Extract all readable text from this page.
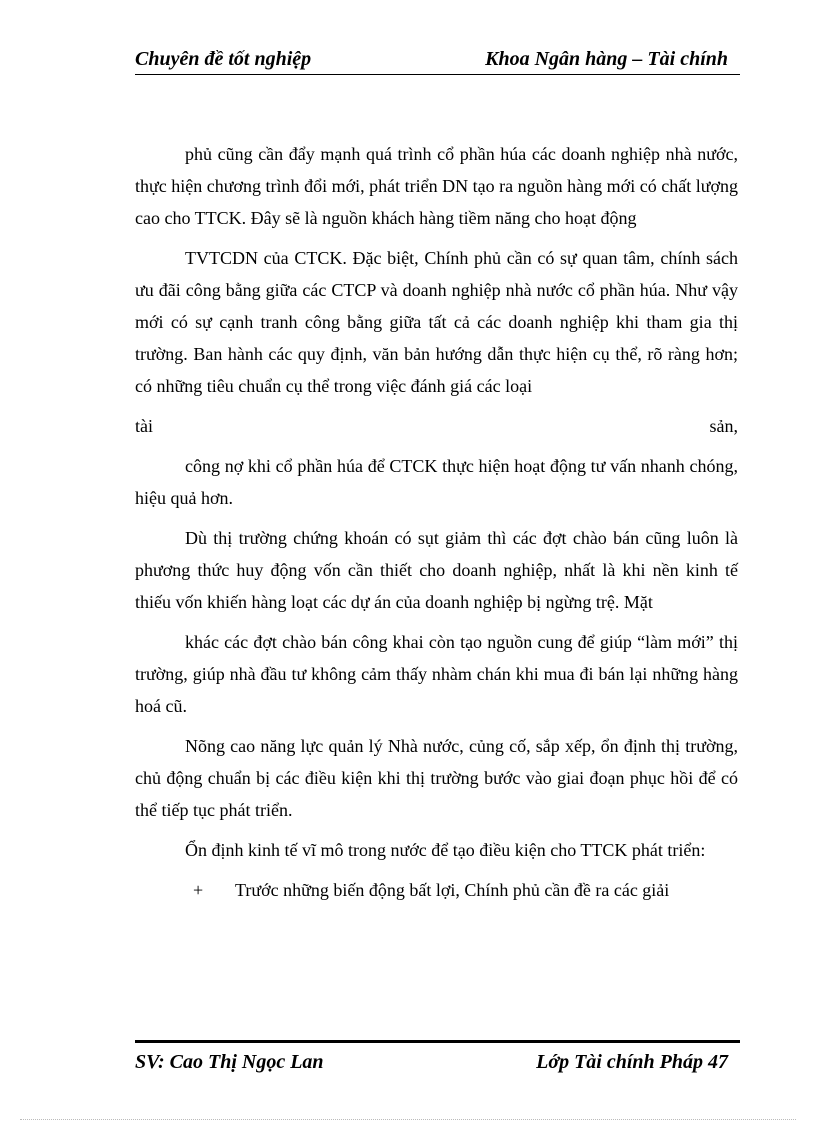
Chuyên đề tốt nghiệp	Khoa Ngân hàng – Tài chính

phủ cũng cần đẩy mạnh quá trình cổ phần húa các doanh nghiệp nhà nước, thực hiện chương trình đổi mới, phát triển DN tạo ra nguồn hàng mới có chất lượng cao cho TTCK. Đây sẽ là nguồn khách hàng tiềm năng cho hoạt động

TVTCDN của CTCK. Đặc biệt, Chính phủ cần có sự quan tâm, chính sách ưu đãi công bằng giữa các CTCP và doanh nghiệp nhà nước cổ phần húa. Như vậy mới có sự cạnh tranh công bằng giữa tất cả các doanh nghiệp khi tham gia thị trường. Ban hành các quy định, văn bản hướng dẫn thực hiện cụ thể, rõ ràng hơn; có những tiêu chuẩn cụ thể trong việc đánh giá các loại

tài sản,

công nợ khi cổ phần húa để CTCK thực hiện hoạt động tư vấn nhanh chóng, hiệu quả hơn.

Dù thị trường chứng khoán có sụt giảm thì các đợt chào bán cũng luôn là phương thức huy động vốn cần thiết cho doanh nghiệp, nhất là khi nền kinh tế thiếu vốn khiến hàng loạt các dự án của doanh nghiệp bị ngừng trệ. Mặt

khác các đợt chào bán công khai còn tạo nguồn cung để giúp “làm mới” thị trường, giúp nhà đầu tư không cảm thấy nhàm chán khi mua đi bán lại những hàng hoá cũ.

Nõng cao năng lực quản lý Nhà nước, củng cố, sắp xếp, ổn định thị trường, chủ động chuẩn bị các điều kiện khi thị trường bước vào giai đoạn phục hồi để có thể tiếp tục phát triển.

Ổn định kinh tế vĩ mô trong nước để tạo điều kiện cho TTCK phát triển:

+ Trước những biến động bất lợi, Chính phủ cần đề ra các giải
SV: Cao Thị Ngọc Lan	Lớp Tài chính Pháp 47
